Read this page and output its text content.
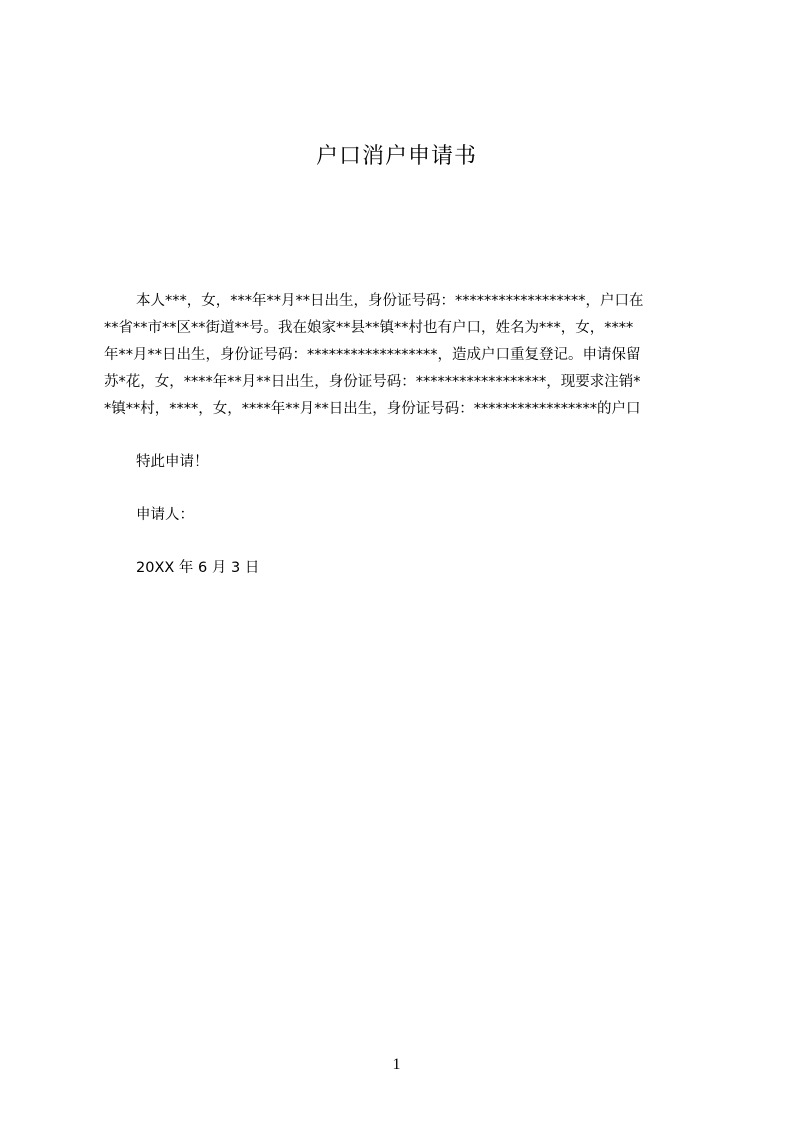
户口消户申请书
本人***，女，***年**月**日出生，身份证号码：******************，户口在
**省**市**区**街道**号。我在娘家**县**镇**村也有户口，姓名为***，女，****
年**月**日出生，身份证号码：******************，造成户口重复登记。申请保留
苏*花，女，****年**月**日出生，身份证号码：******************，现要求注销*
*镇**村，****，女，****年**月**日出生，身份证号码：*****************的户口
特此申请！
申请人：
20XX 年 6 月 3 日
1
